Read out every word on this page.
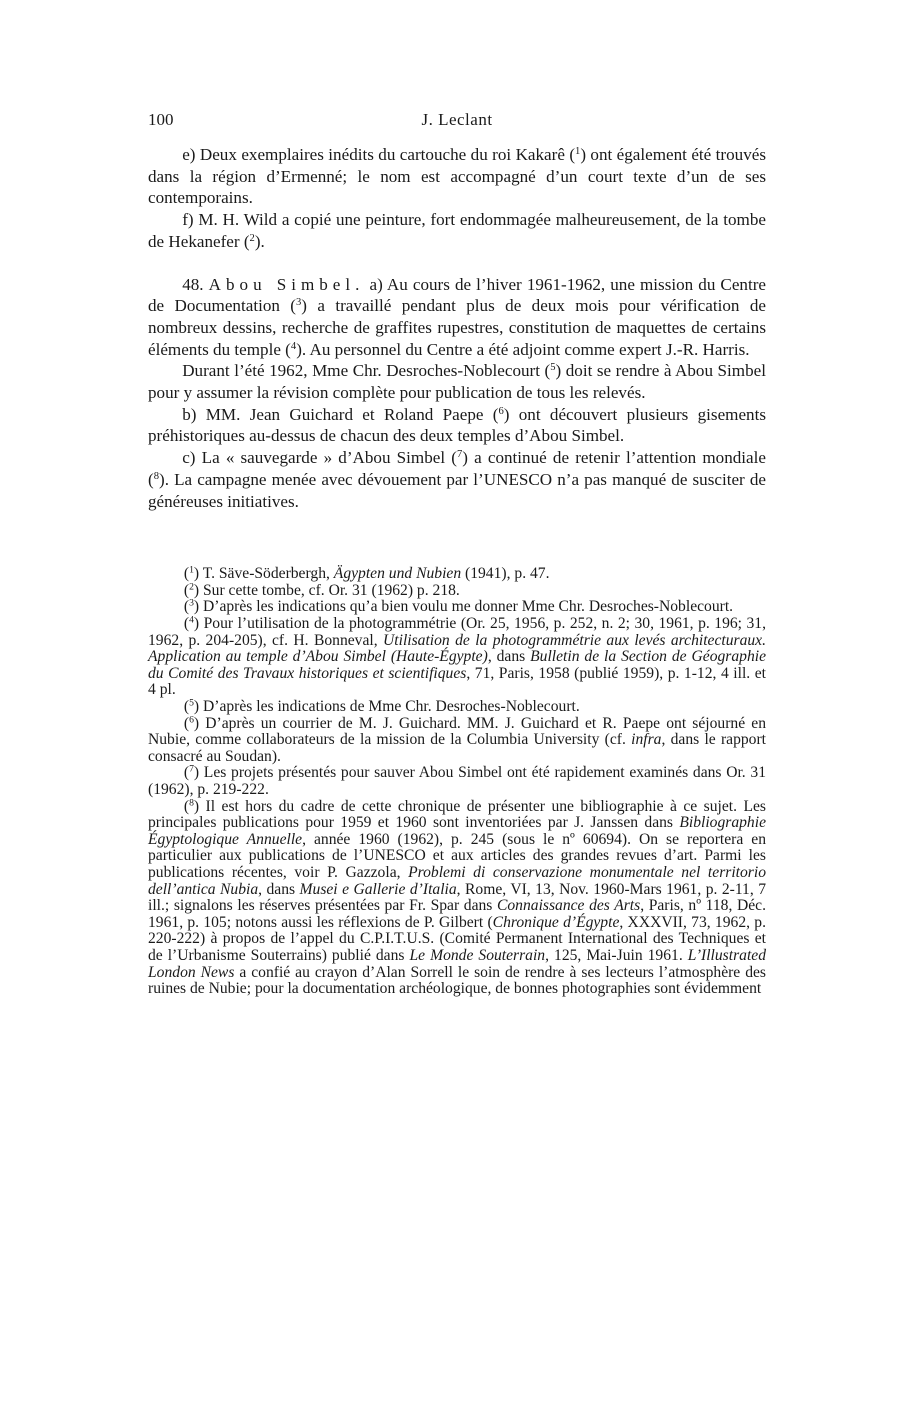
100	J. Leclant

e) Deux exemplaires inédits du cartouche du roi Kakarê ($^1$) ont également été trouvés dans la région d’Ermenné; le nom est accompagné d’un court texte d’un de ses contemporains.

f) M. H. Wild a copié une peinture, fort endommagée malheureusement, de la tombe de Hekanefer ($^2$).

48. Abou Simbel. a) Au cours de l’hiver 1961-1962, une mission du Centre de Documentation ($^3$) a travaillé pendant plus de deux mois pour vérification de nombreux dessins, recherche de graffites rupestres, constitution de maquettes de certains éléments du temple ($^4$). Au personnel du Centre a été adjoint comme expert J.-R. Harris.

Durant l’été 1962, Mme Chr. Desroches-Noblecourt ($^5$) doit se rendre à Abou Simbel pour y assumer la révision complète pour publication de tous les relevés.

b) MM. Jean Guichard et Roland Paepe ($^6$) ont découvert plusieurs gisements préhistoriques au-dessus de chacun des deux temples d’Abou Simbel.

c) La « sauvegarde » d’Abou Simbel ($^7$) a continué de retenir l’attention mondiale ($^8$). La campagne menée avec dévouement par l’UNESCO n’a pas manqué de susciter de généreuses initiatives.

($^1$) T. Säve-Söderbergh, Ägypten und Nubien (1941), p. 47.

($^2$) Sur cette tombe, cf. Or. 31 (1962) p. 218.

($^3$) D’après les indications qu’a bien voulu me donner Mme Chr. Desroches-Noblecourt.

($^4$) Pour l’utilisation de la photogrammétrie (Or. 25, 1956, p. 252, n. 2; 30, 1961, p. 196; 31, 1962, p. 204-205), cf. H. Bonneval, Utilisation de la photogrammétrie aux levés architecturaux. Application au temple d’Abou Simbel (Haute-Égypte), dans Bulletin de la Section de Géographie du Comité des Travaux historiques et scientifiques, 71, Paris, 1958 (publié 1959), p. 1-12, 4 ill. et 4 pl.

($^5$) D’après les indications de Mme Chr. Desroches-Noblecourt.

($^6$) D’après un courrier de M. J. Guichard. MM. J. Guichard et R. Paepe ont séjourné en Nubie, comme collaborateurs de la mission de la Columbia University (cf. infra, dans le rapport consacré au Soudan).

($^7$) Les projets présentés pour sauver Abou Simbel ont été rapidement examinés dans Or. 31 (1962), p. 219-222.

($^8$) Il est hors du cadre de cette chronique de présenter une bibliographie à ce sujet. Les principales publications pour 1959 et 1960 sont inventoriées par J. Janssen dans Bibliographie Égyptologique Annuelle, année 1960 (1962), p. 245 (sous le nº 60694). On se reportera en particulier aux publications de l’UNESCO et aux articles des grandes revues d’art. Parmi les publications récentes, voir P. Gazzola, Problemi di conservazione monumentale nel territorio dell’antica Nubia, dans Musei e Gallerie d’Italia, Rome, VI, 13, Nov. 1960-Mars 1961, p. 2-11, 7 ill.; signalons les réserves présentées par Fr. Spar dans Connaissance des Arts, Paris, nº 118, Déc. 1961, p. 105; notons aussi les réflexions de P. Gilbert (Chronique d’Égypte, XXXVII, 73, 1962, p. 220-222) à propos de l’appel du C.P.I.T.U.S. (Comité Permanent International des Techniques et de l’Urbanisme Souterrains) publié dans Le Monde Souterrain, 125, Mai-Juin 1961. L’Illustrated London News a confié au crayon d’Alan Sorrell le soin de rendre à ses lecteurs l’atmosphère des ruines de Nubie; pour la documentation archéologique, de bonnes photographies sont évidemment
